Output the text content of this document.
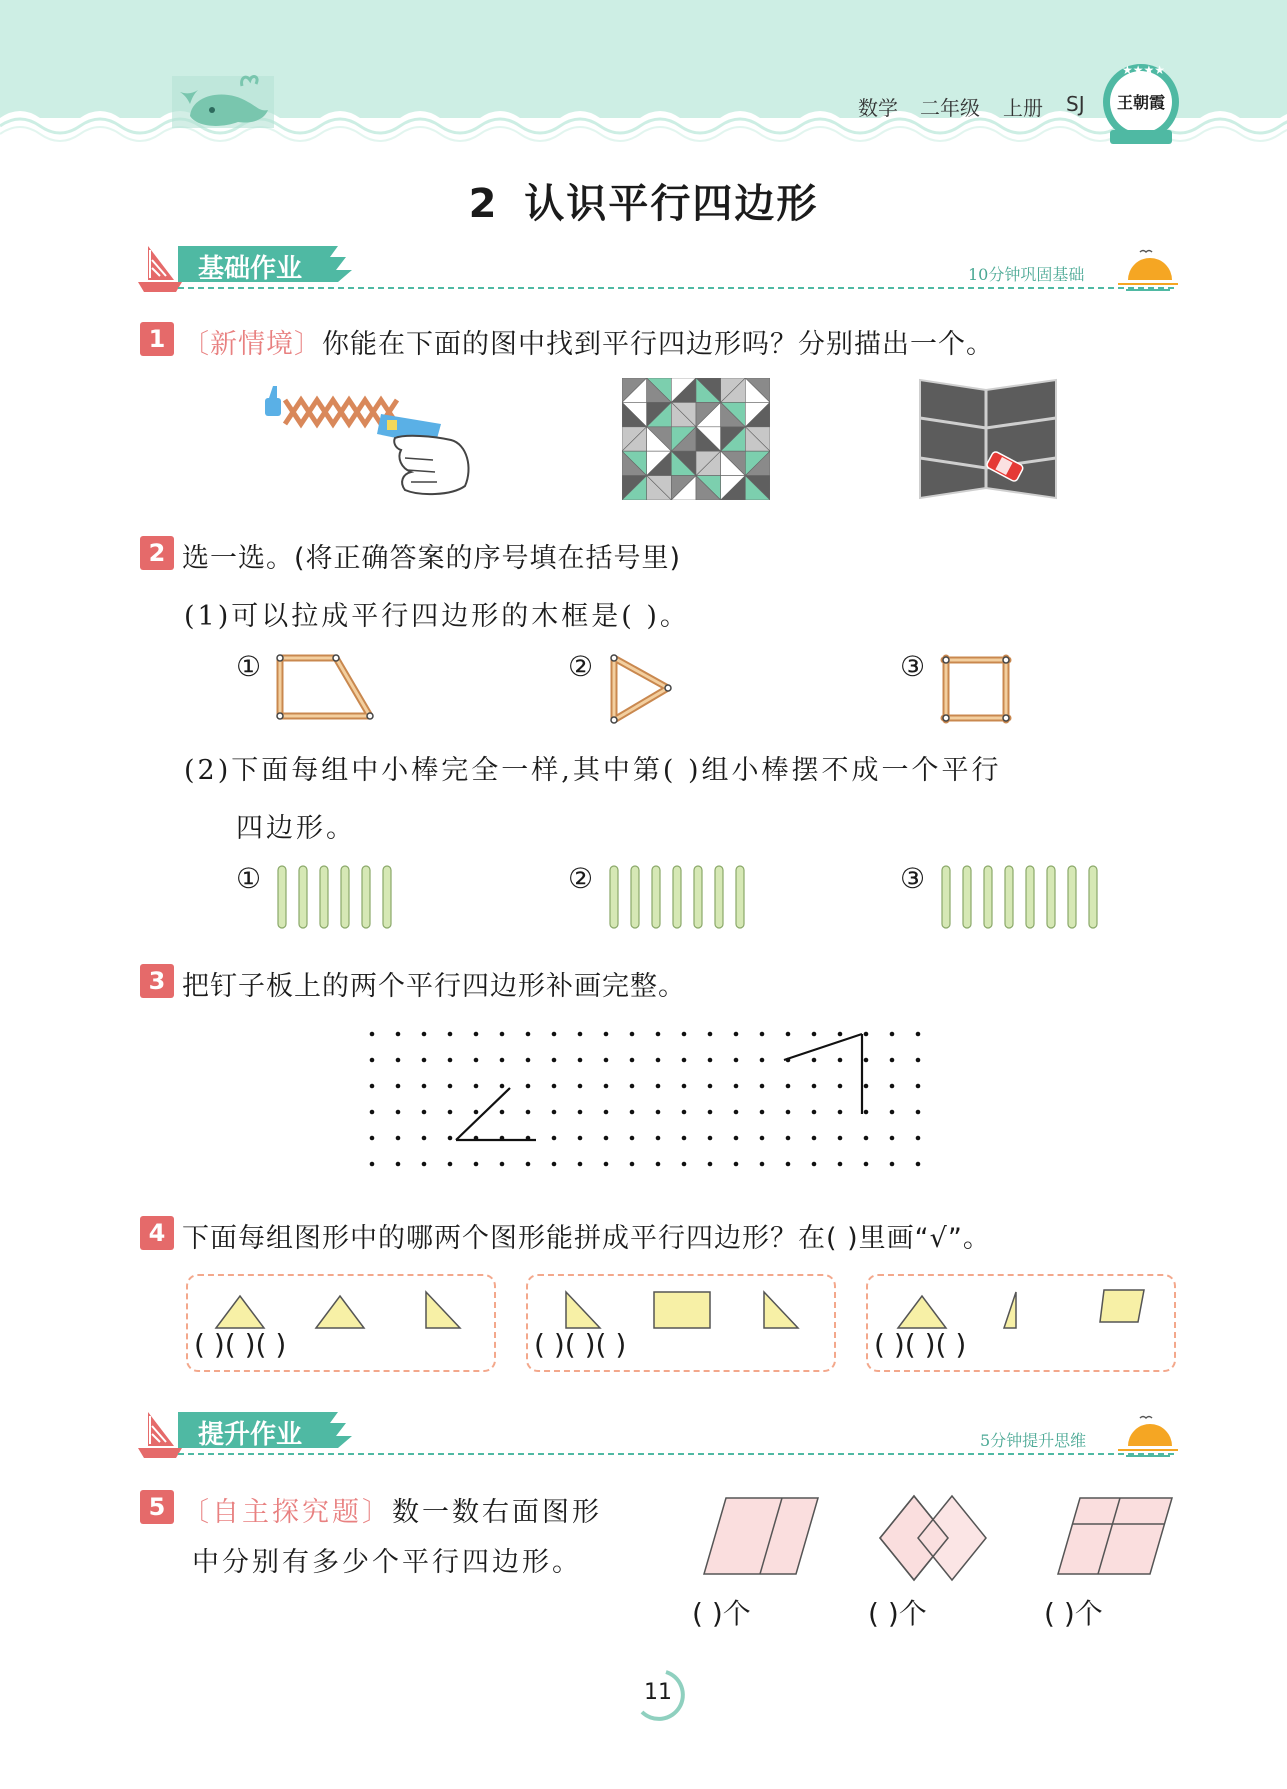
数学 二年级 上册 SJ
★★★★
王朝霞
2 认识平行四边形
基础作业	10分钟巩固基础
1 〔新情境〕你能在下面的图中找到平行四边形吗？分别描出一个。
2 选一选。(将正确答案的序号填在括号里)
(1)可以拉成平行四边形的木框是( )。
①	②	③
(2)下面每组中小棒完全一样,其中第( )组小棒摆不成一个平行
四边形。
①	②	③
3 把钉子板上的两个平行四边形补画完整。
4 下面每组图形中的哪两个图形能拼成平行四边形？在( )里画“√”。
( )( )( )	( )( )( )	( )( )( )
提升作业	5分钟提升思维
5 〔自主探究题〕数一数右面图形
中分别有多少个平行四边形。
( )个	( )个	( )个
11
